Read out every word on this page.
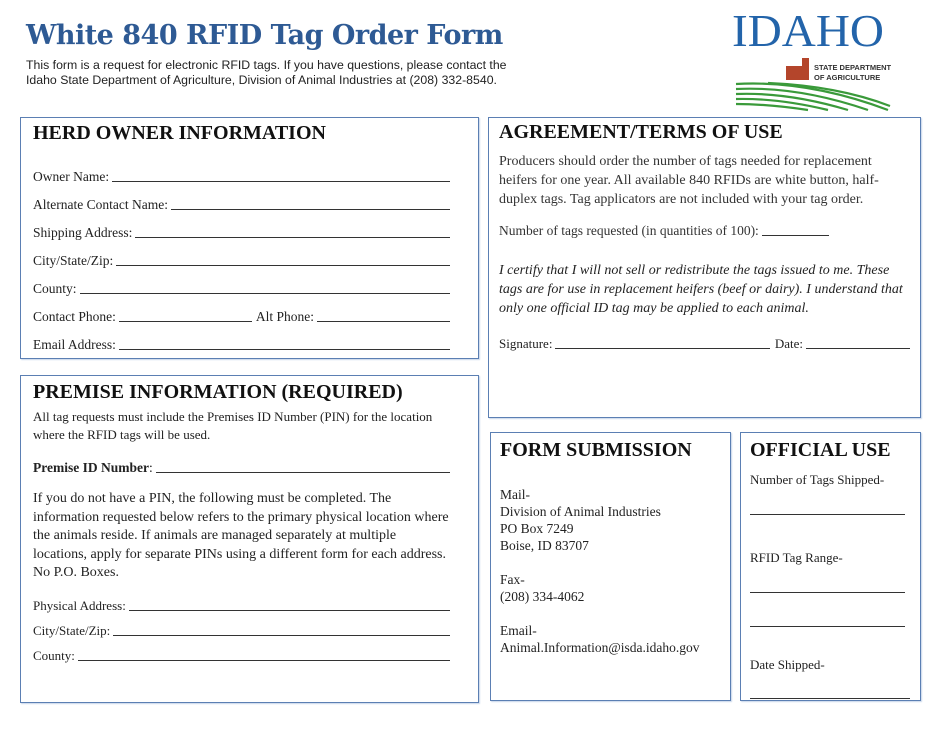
White 840 RFID Tag Order Form
This form is a request for electronic RFID tags. If you have questions, please contact the
Idaho State Department of Agriculture, Division of Animal Industries at (208) 332-8540.
IDAHO
STATE DEPARTMENT
OF AGRICULTURE
HERD OWNER INFORMATION
Owner Name:
Alternate Contact Name:
Shipping Address:
City/State/Zip:
County:
Contact Phone:	Alt Phone:
Email Address:
PREMISE INFORMATION (REQUIRED)
All tag requests must include the Premises ID Number (PIN) for the location where the RFID tags will be used.
Premise ID Number :
If you do not have a PIN, the following must be completed. The information requested below refers to the primary physical location where the animals reside. If animals are managed separately at multiple locations, apply for separate PINs using a different form for each address. No P.O. Boxes.
Physical Address:
City/State/Zip:
County:
AGREEMENT/TERMS OF USE
Producers should order the number of tags needed for replacement heifers for one year. All available 840 RFIDs are white button, half-duplex tags. Tag applicators are not included with your tag order.
Number of tags requested (in quantities of 100):
I certify that I will not sell or redistribute the tags issued to me. These tags are for use in replacement heifers (beef or dairy). I understand that only one official ID tag may be applied to each animal.
Signature:	Date:
FORM SUBMISSION
Mail-
Division of Animal Industries
PO Box 7249
Boise, ID 83707
Fax-
(208) 334-4062
Email-
Animal.Information@isda.idaho.gov
OFFICIAL USE
Number of Tags Shipped-
RFID Tag Range-
Date Shipped-
